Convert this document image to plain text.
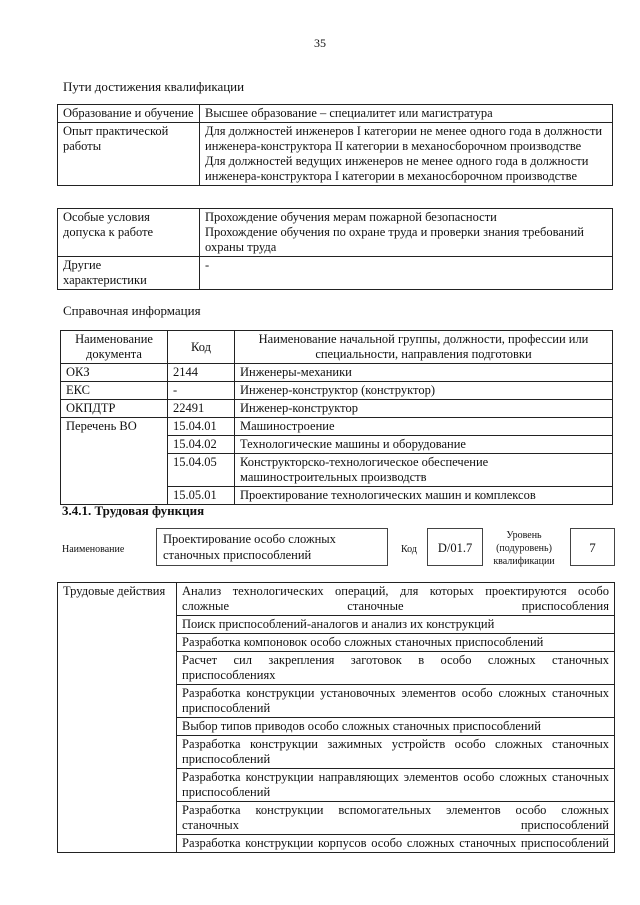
35
Пути достижения квалификации
Образование и обучение	Высшее образование – специалитет или магистратура

Опыт практической работы	Для должностей инженеров I категории не менее одного года в должности инженера-конструктора II категории в механосборочном производстве
Для должностей ведущих инженеров не менее одного года в должности инженера-конструктора I категории в механосборочном производстве
Особые условия допуска к работе	Прохождение обучения мерам пожарной безопасности
Прохождение обучения по охране труда и проверки знания требований охраны труда

Другие характеристики	-
Справочная информация
Наименование документа	Код	Наименование начальной группы, должности, профессии или специальности, направления подготовки
ОКЗ	2144	Инженеры-механики
ЕКС	-	Инженер-конструктор (конструктор)
ОКПДТР	22491	Инженер-конструктор
Перечень ВО	15.04.01	Машиностроение
	15.04.02	Технологические машины и оборудование
	15.04.05	Конструкторско-технологическое обеспечение машиностроительных производств
	15.05.01	Проектирование технологических машин и комплексов
3.4.1. Трудовая функция
Наименование
Проектирование особо сложных станочных приспособлений	Код	D/01.7
Уровень (подуровень) квалификации
7
Трудовые действия	Анализ технологических операций, для которых проектируются особо сложные станочные приспособления
Поиск приспособлений-аналогов и анализ их конструкций
Разработка компоновок особо сложных станочных приспособлений
Расчет сил закрепления заготовок в особо сложных станочных приспособлениях
Разработка конструкции установочных элементов особо сложных станочных приспособлений
Выбор типов приводов особо сложных станочных приспособлений
Разработка конструкции зажимных устройств особо сложных станочных приспособлений
Разработка конструкции направляющих элементов особо сложных станочных приспособлений
Разработка конструкции вспомогательных элементов особо сложных станочных приспособлений
Разработка конструкции корпусов особо сложных станочных приспособлений
